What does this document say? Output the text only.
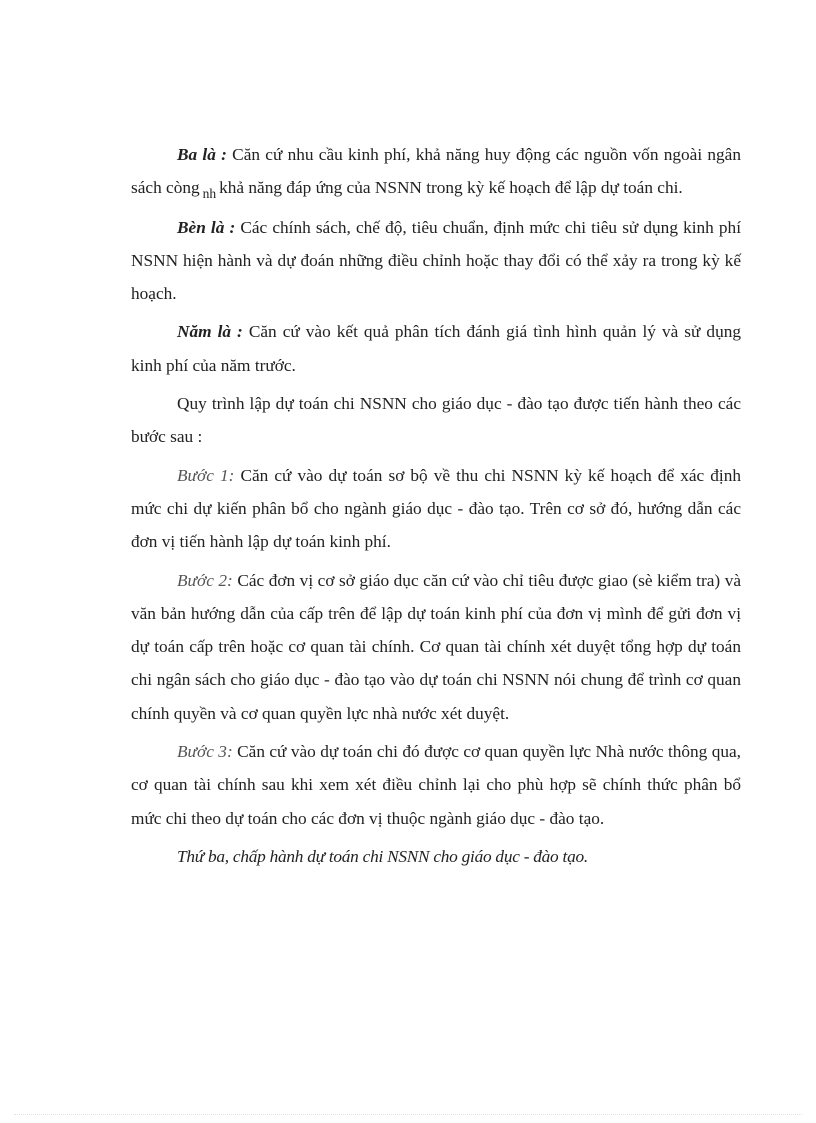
Ba là : Căn cứ nhu cầu kinh phí, khả năng huy động các nguồn vốn ngoài ngân sách còng $_{nh}$ khả năng đáp ứng của NSNN trong kỳ kế hoạch để lập dự toán chi.

Bèn là : Các chính sách, chế độ, tiêu chuẩn, định mức chi tiêu sử dụng kinh phí NSNN hiện hành và dự đoán những điều chỉnh hoặc thay đổi có thể xảy ra trong kỳ kế hoạch.

Năm là : Căn cứ vào kết quả phân tích đánh giá tình hình quản lý và sử dụng kinh phí của năm trước.

Quy trình lập dự toán chi NSNN cho giáo dục - đào tạo được tiến hành theo các bước sau :

Bước 1: Căn cứ vào dự toán sơ bộ về thu chi NSNN kỳ kế hoạch để xác định mức chi dự kiến phân bổ cho ngành giáo dục - đào tạo. Trên cơ sở đó, hướng dẫn các đơn vị tiến hành lập dự toán kinh phí.

Bước 2: Các đơn vị cơ sở giáo dục căn cứ vào chỉ tiêu được giao (sè kiểm tra) và văn bản hướng dẫn của cấp trên để lập dự toán kinh phí của đơn vị mình để gửi đơn vị dự toán cấp trên hoặc cơ quan tài chính. Cơ quan tài chính xét duyệt tổng hợp dự toán chi ngân sách cho giáo dục - đào tạo vào dự toán chi NSNN nói chung để trình cơ quan chính quyền và cơ quan quyền lực nhà nước xét duyệt.

Bước 3: Căn cứ vào dự toán chi đó được cơ quan quyền lực Nhà nước thông qua, cơ quan tài chính sau khi xem xét điều chỉnh lại cho phù hợp sẽ chính thức phân bổ mức chi theo dự toán cho các đơn vị thuộc ngành giáo dục - đào tạo.

Thứ ba, chấp hành dự toán chi NSNN cho giáo dục - đào tạo.
